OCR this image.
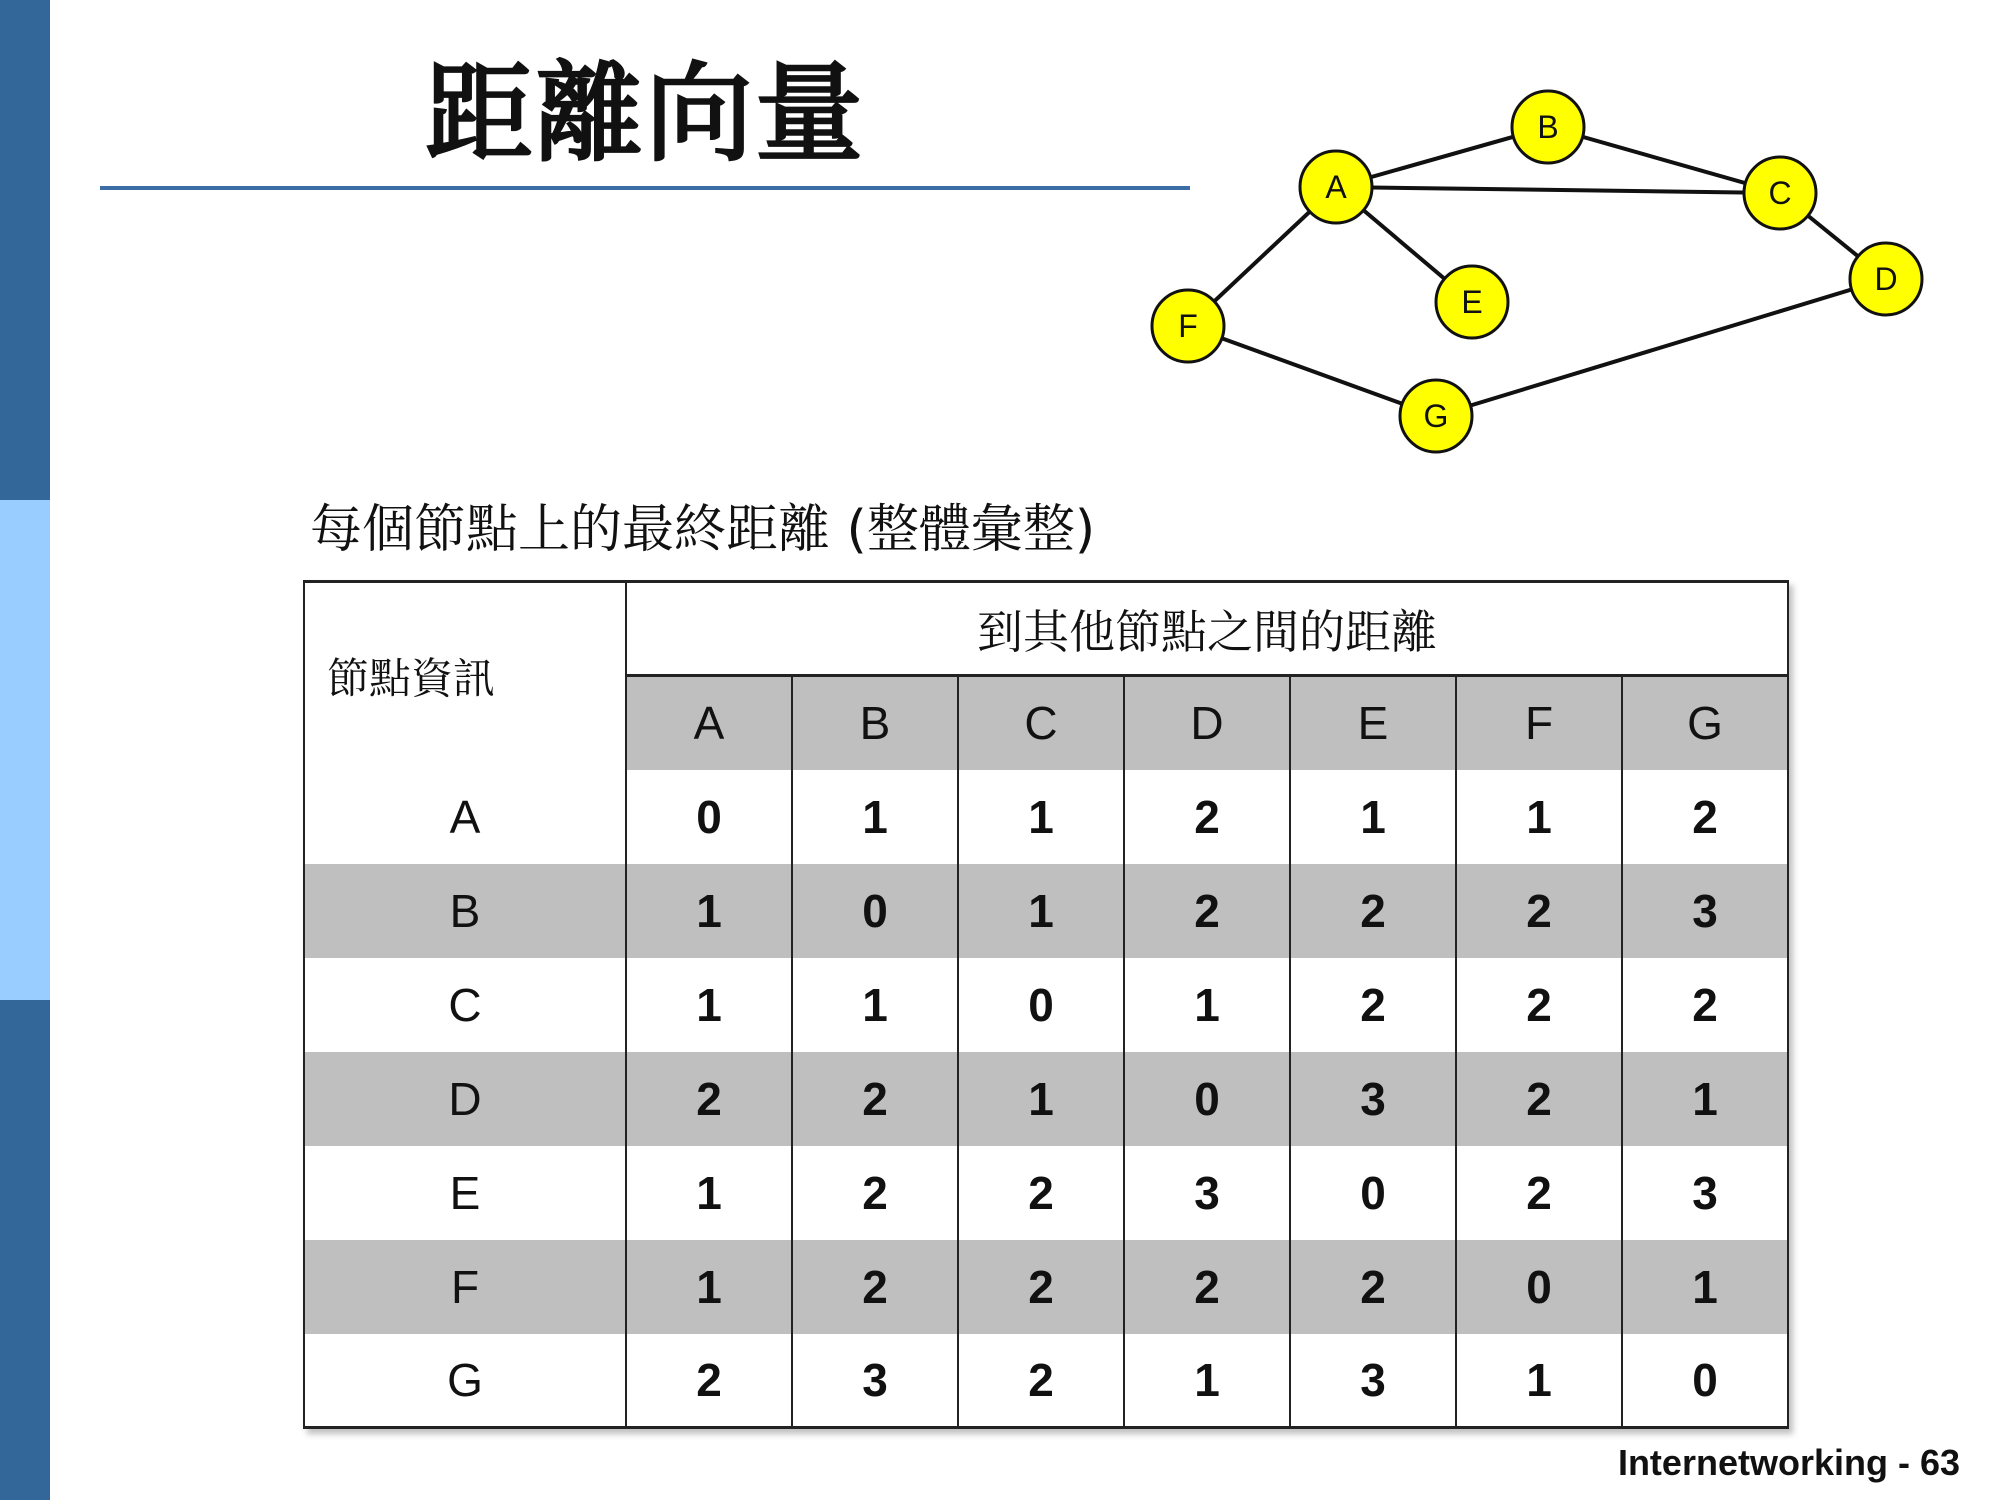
距離向量
A
B
C
D
E
F
G
每個節點上的最終距離 (整體彙整)
節點資訊	到其他節點之間的距離						
	A	B	C	D	E	F	G
A	0	1	1	2	1	1	2
B	1	0	1	2	2	2	3
C	1	1	0	1	2	2	2
D	2	2	1	0	3	2	1
E	1	2	2	3	0	2	3
F	1	2	2	2	2	0	1
G	2	3	2	1	3	1	0
Internetworking - 63
